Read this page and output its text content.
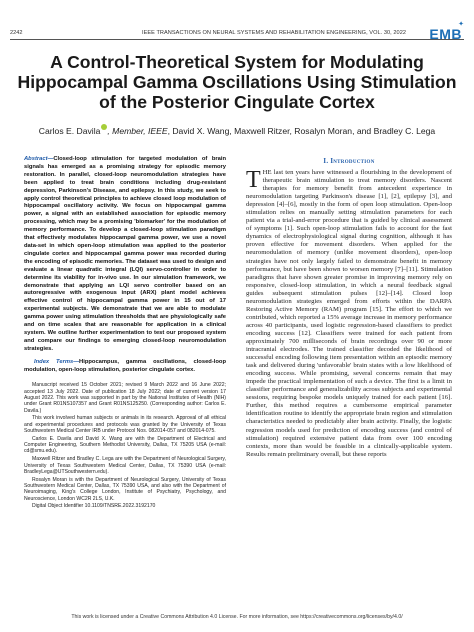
2242	IEEE TRANSACTIONS ON NEURAL SYSTEMS AND REHABILITATION ENGINEERING, VOL. 30, 2022
✦
EMB
A Control-Theoretical System for Modulating Hippocampal Gamma Oscillations Using Stimulation of the Posterior Cingulate Cortex
Carlos E. Davila , Member, IEEE, David X. Wang, Maxwell Ritzer, Rosalyn Moran, and Bradley C. Lega

Abstract—Closed-loop stimulation for targeted modulation of brain signals has emerged as a promising strategy for episodic memory restoration. In parallel, closed-loop neuromodulation strategies have been applied to treat brain conditions including drug-resistant depression, Parkinson's Disease, and epilepsy. In this study, we seek to apply control theoretical principles to achieve closed loop modulation of hippocampal oscillatory activity. We focus on hippocampal gamma power, a signal with an established association for episodic memory processing, which may be a promising 'biomarker' for the modulation of memory performance. To develop a closed-loop stimulation paradigm that effectively modulates hippocampal gamma power, we use a novel data-set in which open-loop stimulation was applied to the posterior cingulate cortex and hippocampal gamma power was recorded during the encoding of episodic memories. The dataset was used to design and evaluate a linear quadratic integral (LQI) servo-controller in order to determine its viability for in-vivo use. In our simulation framework, we demonstrate that applying an LQI servo controller based on an autoregressive with exogenous input (ARX) plant model achieves effective control of hippocampal gamma power in 15 out of 17 experimental subjects. We demonstrate that we are able to modulate gamma power using stimulation thresholds that are physiologically safe and on time scales that are reasonable for application in a clinical system. We outline further experimentation to test our proposed system and compare our findings to emerging closed-loop neuromodulation strategies.

Index Terms—Hippocampus, gamma oscillations, closed-loop modulation, open-loop stimulation, posterior cingulate cortex.

Manuscript received 15 October 2021; revised 9 March 2022 and 16 June 2022; accepted 13 July 2022. Date of publication 18 July 2022; date of current version 17 August 2022. This work was supported in part by the National Institutes of Health (NIH) under Grant R01NS107357 and Grant R01NS125250. (Corresponding author: Carlos E. Davila.)

This work involved human subjects or animals in its research. Approval of all ethical and experimental procedures and protocols was granted by the University of Texas Southwestern Medical Center IRB under Protocol Nos. 082014-057 and 082014-075.

Carlos E. Davila and David X. Wang are with the Department of Electrical and Computer Engineering, Southern Methodist University, Dallas, TX 75205 USA (e-mail: cd@smu.edu).

Maxwell Ritzer and Bradley C. Lega are with the Department of Neurological Surgery, University of Texas Southwestern Medical Center, Dallas, TX 75390 USA (e-mail: BradleyLega@UTSouthwestern.edu).

Rosalyn Moran is with the Department of Neurological Surgery, University of Texas Southwestern Medical Center, Dallas, TX 75390 USA, and also with the Department of Neuroimaging, King's College London, Institute of Psychiatry, Psychology, and Neuroscience, London WC2R 2LS, U.K.

Digital Object Identifier 10.1109/TNSRE.2022.3192170

I. Introduction

THE last ten years have witnessed a flourishing in the development of therapeutic brain stimulation to treat memory disorders. Nascent therapies for memory benefit from antecedent experience in neuromodulation targeting Parkinson's disease [1], [2], epilepsy [3], and depression [4]–[6], mostly in the form of open loop stimulation. Open-loop stimulation relies on manually setting stimulation parameters for each patient via a trial-and-error procedure that is guided by clinical assessment of symptoms [1]. Such open-loop stimulation fails to account for the fast dynamics of electrophysiological signal during cognition, although it has proven effective for movement disorders. When applied for the neuromodulation of memory (unlike movement disorders), open-loop strategies have not only largely failed to demonstrate benefit in memory performance, but have been shown to worsen memory [7]–[11]. Stimulation paradigms that have shown greater promise in improving memory rely on responsive, closed-loop stimulation, in which a neural feedback signal guides subsequent stimulation pulses [12]–[14]. Closed loop neuromodulation strategies emerged from efforts within the DARPA Restoring Active Memory (RAM) program [15]. The effort to which we contributed, which reported a 15% average increase in memory performance across 40 participants, used logistic regression-based classifiers to predict encoding success [12]. Classifiers were trained for each patient from approximately 700 milliseconds of brain recordings over 90 or more intracranial electrodes. The trained classifier decoded the likelihood of successful encoding following item presentation within an episodic memory task and delivered during 'unfavorable' brain states with a low likelihood of encoding success. While promising, several concerns remain that may impede the practical implementation of such a device. The first is a limit in classifier performance and generalizability across subjects and experimental sessions, requiring bespoke models uniquely trained for each patient [16]. Further, this method requires a cumbersome empirical parameter identification routine to identify the appropriate brain region and stimulation characteristics needed to predictably alter brain activity. Finally, the logistic regression models used for prediction of encoding success (and control of stimulation) required extensive patient data from over 100 encoding contexts, more than would be feasible in a clinically-applicable system. Results remain preliminary overall, but these reports

This work is licensed under a Creative Commons Attribution 4.0 License. For more information, see https://creativecommons.org/licenses/by/4.0/
